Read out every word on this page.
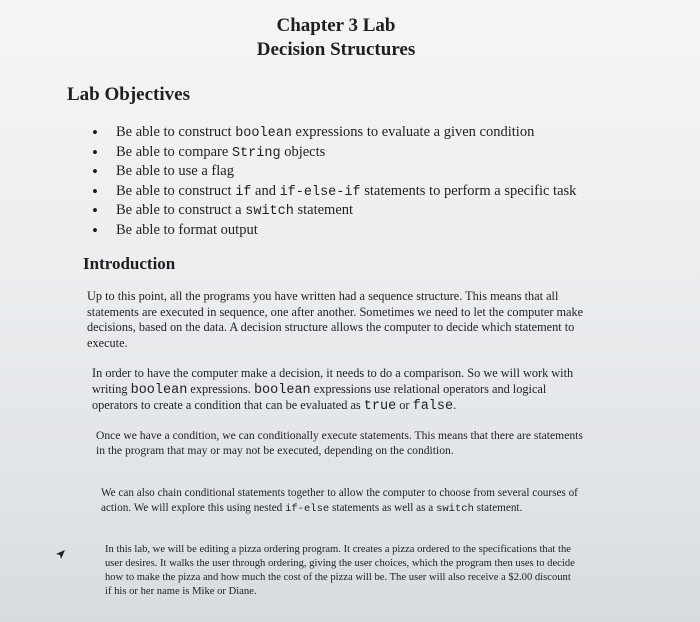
Chapter 3 Lab
Decision Structures
Lab Objectives
• Be able to construct boolean expressions to evaluate a given condition
• Be able to compare String objects
• Be able to use a flag
• Be able to construct if and if-else-if statements to perform a specific task
• Be able to construct a switch statement
• Be able to format output
Introduction

Up to this point, all the programs you have written had a sequence structure. This means that all statements are executed in sequence, one after another. Sometimes we need to let the computer make decisions, based on the data. A decision structure allows the computer to decide which statement to execute.

In order to have the computer make a decision, it needs to do a comparison. So we will work with writing boolean expressions. boolean expressions use relational operators and logical operators to create a condition that can be evaluated as true or false.

Once we have a condition, we can conditionally execute statements. This means that there are statements in the program that may or may not be executed, depending on the condition.

We can also chain conditional statements together to allow the computer to choose from several courses of action. We will explore this using nested if-else statements as well as a switch statement.

In this lab, we will be editing a pizza ordering program. It creates a pizza ordered to the specifications that the user desires. It walks the user through ordering, giving the user choices, which the program then uses to decide how to make the pizza and how much the cost of the pizza will be. The user will also receive a $2.00 discount if his or her name is Mike or Diane.
